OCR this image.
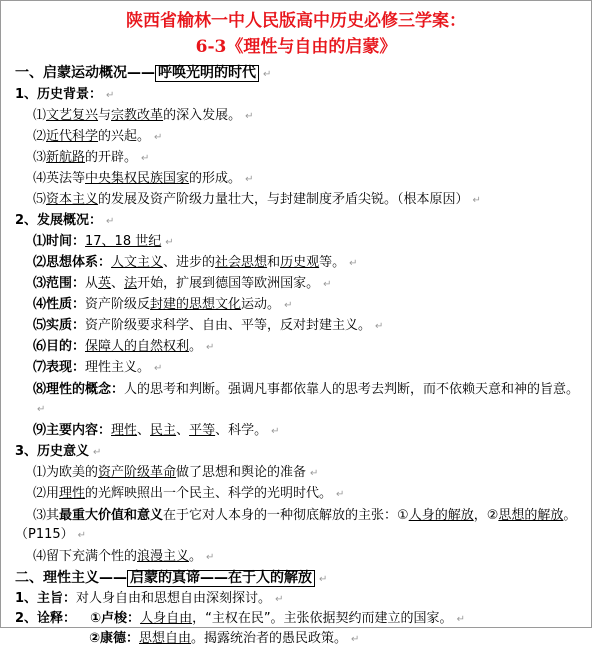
陕西省榆林一中人民版高中历史必修三学案：
6-3《理性与自由的启蒙》
一、启蒙运动概况—— 呼唤光明的时代 ↵
1、历史背景： ↵
⑴文艺复兴与宗教改革的深入发展。 ↵
⑵近代科学的兴起。 ↵
⑶新航路的开辟。 ↵
⑷英法等中央集权民族国家的形成。 ↵
⑸资本主义的发展及资产阶级力量壮大，与封建制度矛盾尖锐。（根本原因） ↵
2、发展概况： ↵
⑴时间：17、18 世纪 ↵
⑵思想体系：人文主义、进步的社会思想和历史观等。 ↵
⑶范围：从英、法开始，扩展到德国等欧洲国家。 ↵
⑷性质：资产阶级反封建的思想文化运动。 ↵
⑸实质：资产阶级要求科学、自由、平等，反对封建主义。 ↵
⑹目的：保障人的自然权利。 ↵
⑺表现：理性主义。 ↵
⑻理性的概念：人的思考和判断。强调凡事都依靠人的思考去判断，而不依赖天意和神的旨意。↵
⑼主要内容：理性、民主、平等、科学。 ↵
3、历史意义 ↵
⑴为欧美的资产阶级革命做了思想和舆论的准备 ↵
⑵用理性的光辉映照出一个民主、科学的光明时代。 ↵
⑶其最重大价值和意义在于它对人本身的一种彻底解放的主张：①人身的解放，②思想的解放。（P115） ↵
⑷留下充满个性的浪漫主义。 ↵
二、理性主义—— 启蒙的真谛——在于人的解放 ↵
1、主旨：对人身自由和思想自由深刻探讨。 ↵
2、诠释： ①卢梭：人身自由，“主权在民”。主张依据契约而建立的国家。 ↵
②康德：思想自由。揭露统治者的愚民政策。 ↵
